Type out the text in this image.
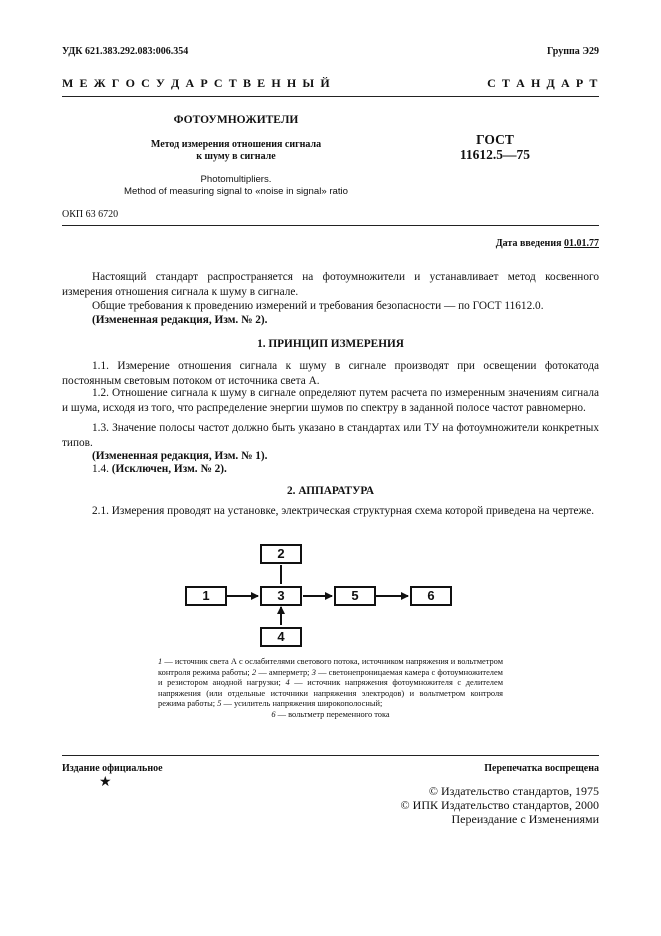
УДК 621.383.292.083:006.354	Группа Э29
М Е Ж Г О С У Д А Р С Т В Е Н Н Ы Й	С Т А Н Д А Р Т
ФОТОУМНОЖИТЕЛИ
Метод измерения отношения сигнала
к шуму в сигнале
Photomultipliers.
Method of measuring signal to «noise in signal» ratio
ГОСТ
11612.5—75
ОКП 63 6720
Дата введения 01.01.77
Настоящий стандарт распространяется на фотоумножители и устанавливает метод косвенного измерения отношения сигнала к шуму в сигнале.
Общие требования к проведению измерений и требования безопасности — по ГОСТ 11612.0.
(Измененная редакция, Изм. № 2).
1. ПРИНЦИП ИЗМЕРЕНИЯ
1.1. Измерение отношения сигнала к шуму в сигнале производят при освещении фотокатода постоянным световым потоком от источника света А.
1.2. Отношение сигнала к шуму в сигнале определяют путем расчета по измеренным значениям сигнала и шума, исходя из того, что распределение энергии шумов по спектру в заданной полосе частот равномерно.
1.3. Значение полосы частот должно быть указано в стандартах или ТУ на фотоумножители конкретных типов.
(Измененная редакция, Изм. № 1).
1.4. (Исключен, Изм. № 2).
2. АППАРАТУРА
2.1. Измерения проводят на установке, электрическая структурная схема которой приведена на чертеже.
2
1	3	5	6
4
1 — источник света А с ослабителями светового потока, источником напряжения и вольтметром контроля режима работы; 2 — амперметр; 3 — светонепроницаемая камера с фотоумножителем и резистором анодной нагрузки; 4 — источник напряжения фотоумножителя с делителем напряжения (или отдельные источники напряжения электродов) и вольтметром контроля режима работы; 5 — усилитель напряжения широкополосный;
6 — вольтметр переменного тока
Издание официальное	Перепечатка воспрещена
★
© Издательство стандартов, 1975
© ИПК Издательство стандартов, 2000
Переиздание с Изменениями
